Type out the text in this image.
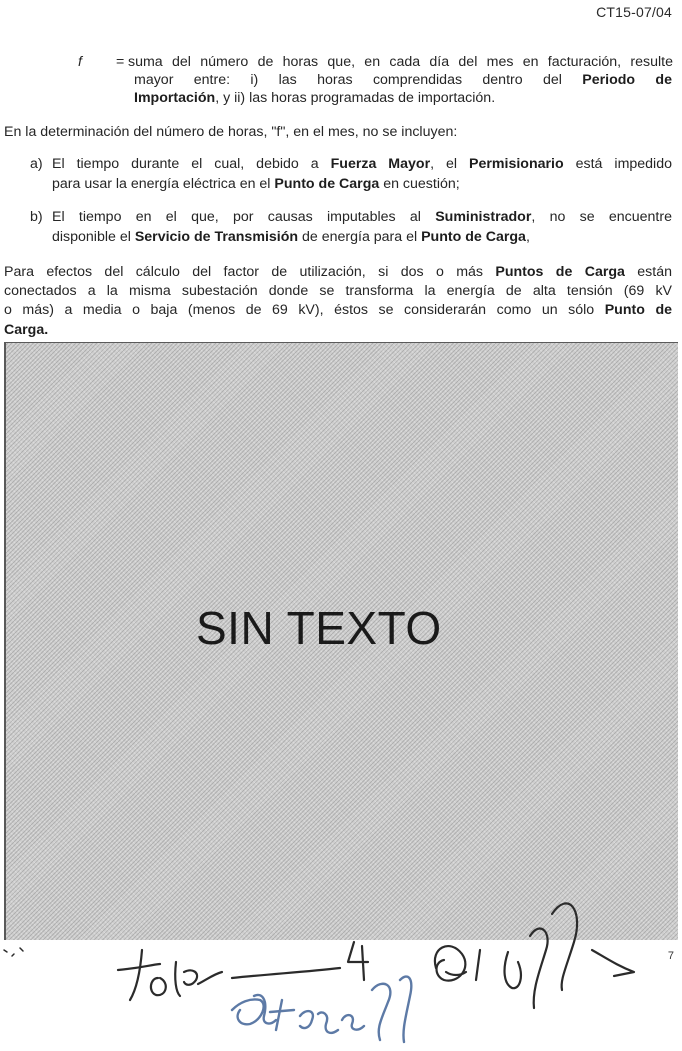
CT15-07/04
f = suma del número de horas que, en cada día del mes en facturación, resulte
mayor entre: i) las horas comprendidas dentro del Periodo de
Importación, y ii) las horas programadas de importación.
En la determinación del número de horas, "f", en el mes, no se incluyen:
a) El tiempo durante el cual, debido a Fuerza Mayor, el Permisionario está impedido
para usar la energía eléctrica en el Punto de Carga en cuestión;
b) El tiempo en el que, por causas imputables al Suministrador, no se encuentre
disponible el Servicio de Transmisión de energía para el Punto de Carga,
Para efectos del cálculo del factor de utilización, si dos o más Puntos de Carga están
conectados a la misma subestación donde se transforma la energía de alta tensión (69 kV
o más) a media o baja (menos de 69 kV), éstos se considerarán como un sólo Punto de
Carga.
SIN TEXTO
7
